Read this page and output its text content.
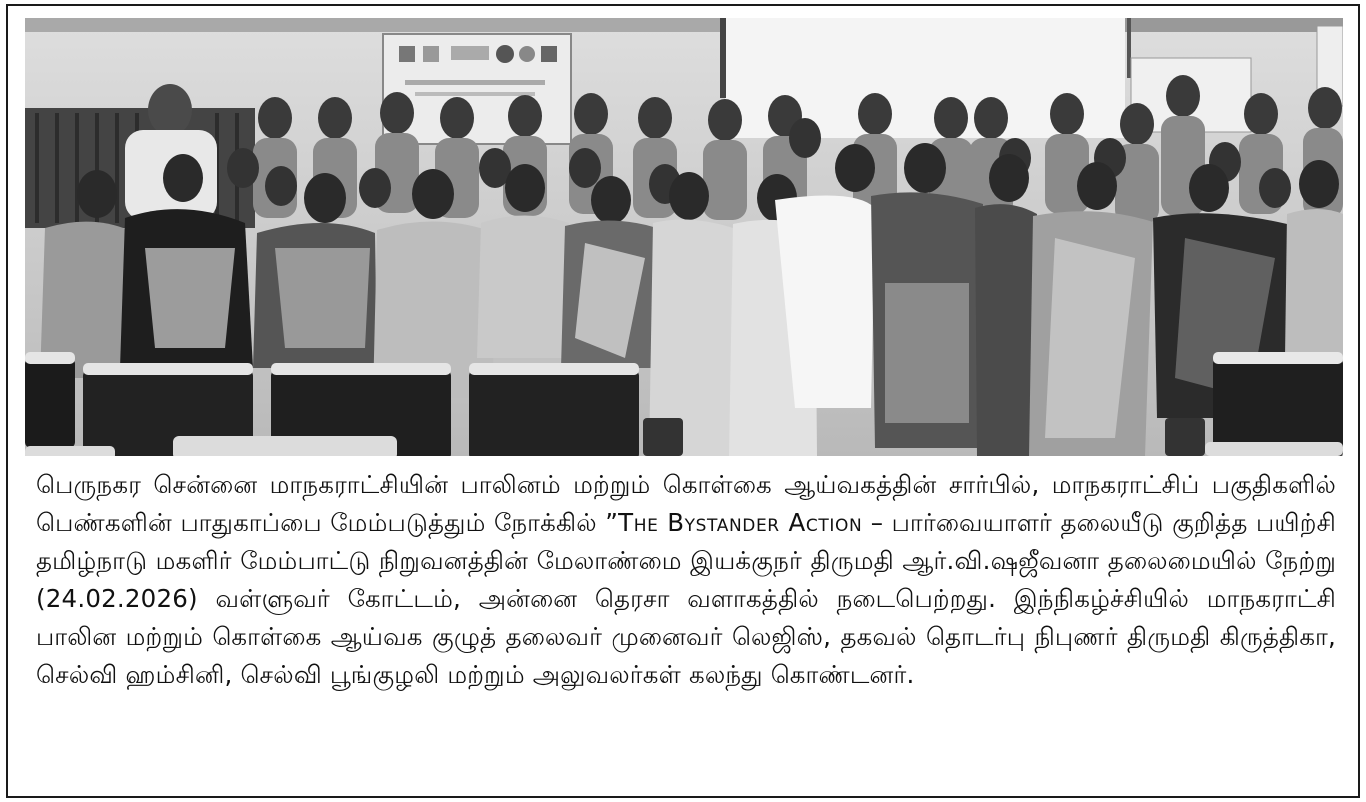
பெருநகர சென்னை மாநகராட்சியின் பாலினம் மற்றும் கொள்கை ஆய்வகத்தின் சார்பில், மாநகராட்சிப் பகுதிகளில் பெண்களின் பாதுகாப்பை மேம்படுத்தும் நோக்கில் ”The Bystander Action – பார்வையாளர் தலையீடு குறித்த பயிற்சி தமிழ்நாடு மகளிர் மேம்பாட்டு நிறுவனத்தின் மேலாண்மை இயக்குநர் திருமதி ஆர்.வி.ஷஜீவனா தலைமையில் நேற்று (24.02.2026) வள்ளுவர் கோட்டம், அன்னை தெரசா வளாகத்தில் நடைபெற்றது. இந்நிகழ்ச்சியில் மாநகராட்சி பாலின மற்றும் கொள்கை ஆய்வக குழுத் தலைவர் முனைவர் லெஜிஸ், தகவல் தொடர்பு நிபுணர் திருமதி கிருத்திகா, செல்வி ஹம்சினி, செல்வி பூங்குழலி மற்றும் அலுவலர்கள் கலந்து கொண்டனர்.
